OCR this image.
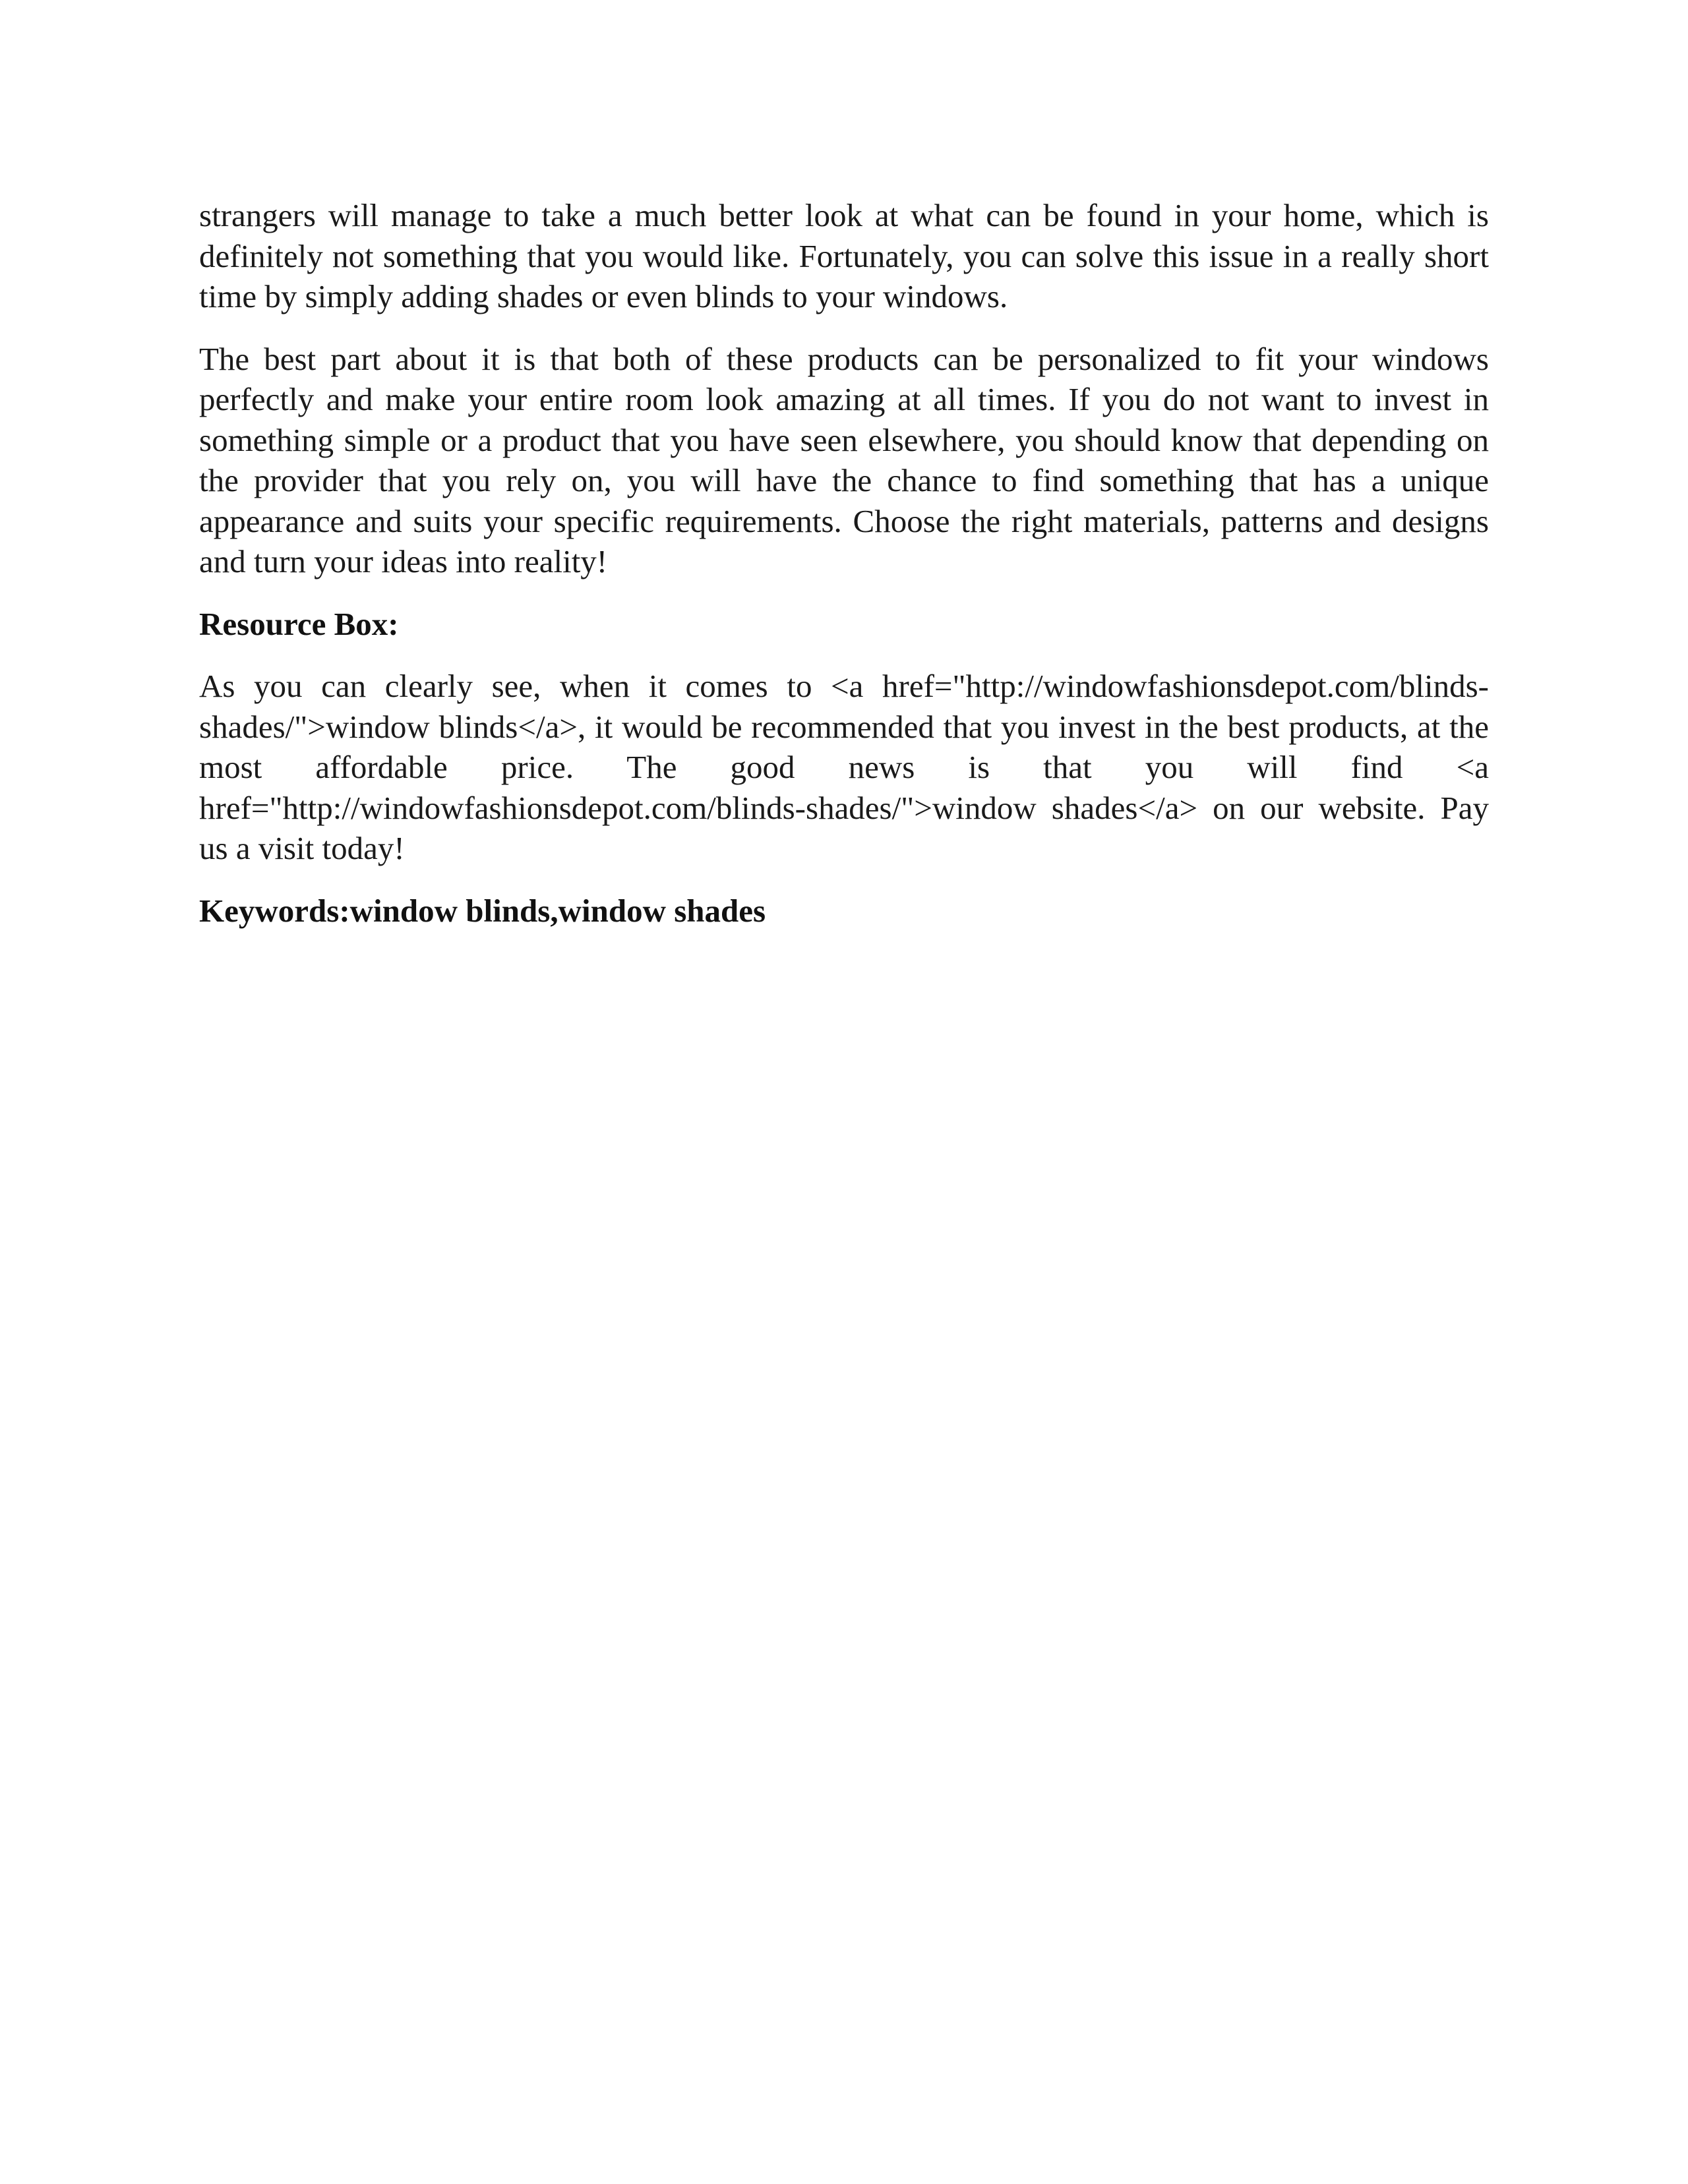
strangers will manage to take a much better look at what can be found in your home, which is definitely not something that you would like. Fortunately, you can solve this issue in a really short time by simply adding shades or even blinds to your windows.

The best part about it is that both of these products can be personalized to fit your windows perfectly and make your entire room look amazing at all times. If you do not want to invest in something simple or a product that you have seen elsewhere, you should know that depending on the provider that you rely on, you will have the chance to find something that has a unique appearance and suits your specific requirements. Choose the right materials, patterns and designs and turn your ideas into reality!

Resource Box:

As you can clearly see, when it comes to <a href="http://windowfashionsdepot.com/blinds-shades/">window blinds</a>, it would be recommended that you invest in the best products, at the most affordable price. The good news is that you will find <a href="http://windowfashionsdepot.com/blinds-shades/">window shades</a> on our website. Pay us a visit today!

Keywords:window blinds,window shades
